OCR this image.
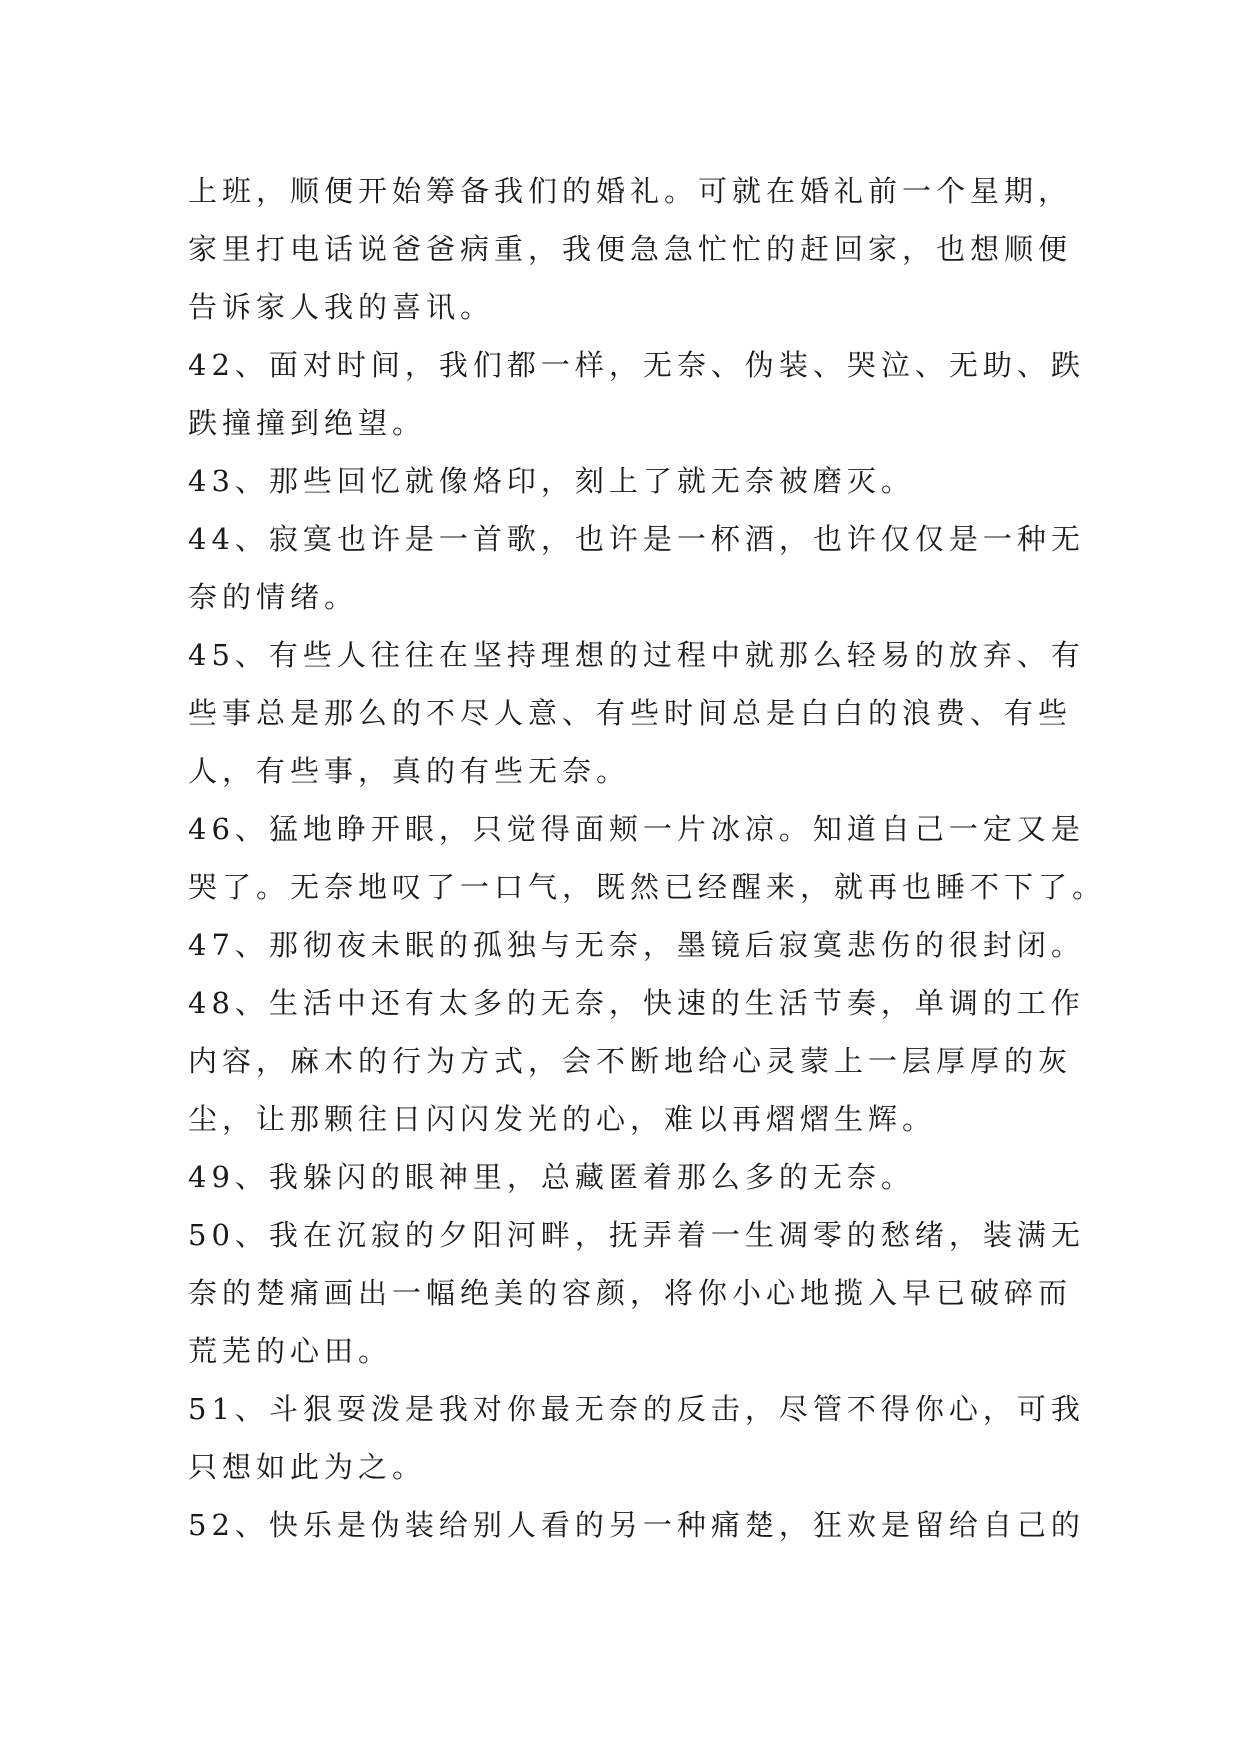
上班，顺便开始筹备我们的婚礼。可就在婚礼前一个星期，
家里打电话说爸爸病重，我便急急忙忙的赶回家，也想顺便
告诉家人我的喜讯。
42、面对时间，我们都一样，无奈、伪装、哭泣、无助、跌
跌撞撞到绝望。
43、那些回忆就像烙印，刻上了就无奈被磨灭。
44、寂寞也许是一首歌，也许是一杯酒，也许仅仅是一种无
奈的情绪。
45、有些人往往在坚持理想的过程中就那么轻易的放弃、有
些事总是那么的不尽人意、有些时间总是白白的浪费、有些
人，有些事，真的有些无奈。
46、猛地睁开眼，只觉得面颊一片冰凉。知道自己一定又是
哭了。无奈地叹了一口气，既然已经醒来，就再也睡不下了。
47、那彻夜未眠的孤独与无奈，墨镜后寂寞悲伤的很封闭。
48、生活中还有太多的无奈，快速的生活节奏，单调的工作
内容，麻木的行为方式，会不断地给心灵蒙上一层厚厚的灰
尘，让那颗往日闪闪发光的心，难以再熠熠生辉。
49、我躲闪的眼神里，总藏匿着那么多的无奈。
50、我在沉寂的夕阳河畔，抚弄着一生凋零的愁绪，装满无
奈的楚痛画出一幅绝美的容颜，将你小心地揽入早已破碎而
荒芜的心田。
51、斗狠耍泼是我对你最无奈的反击，尽管不得你心，可我
只想如此为之。
52、快乐是伪装给别人看的另一种痛楚，狂欢是留给自己的
